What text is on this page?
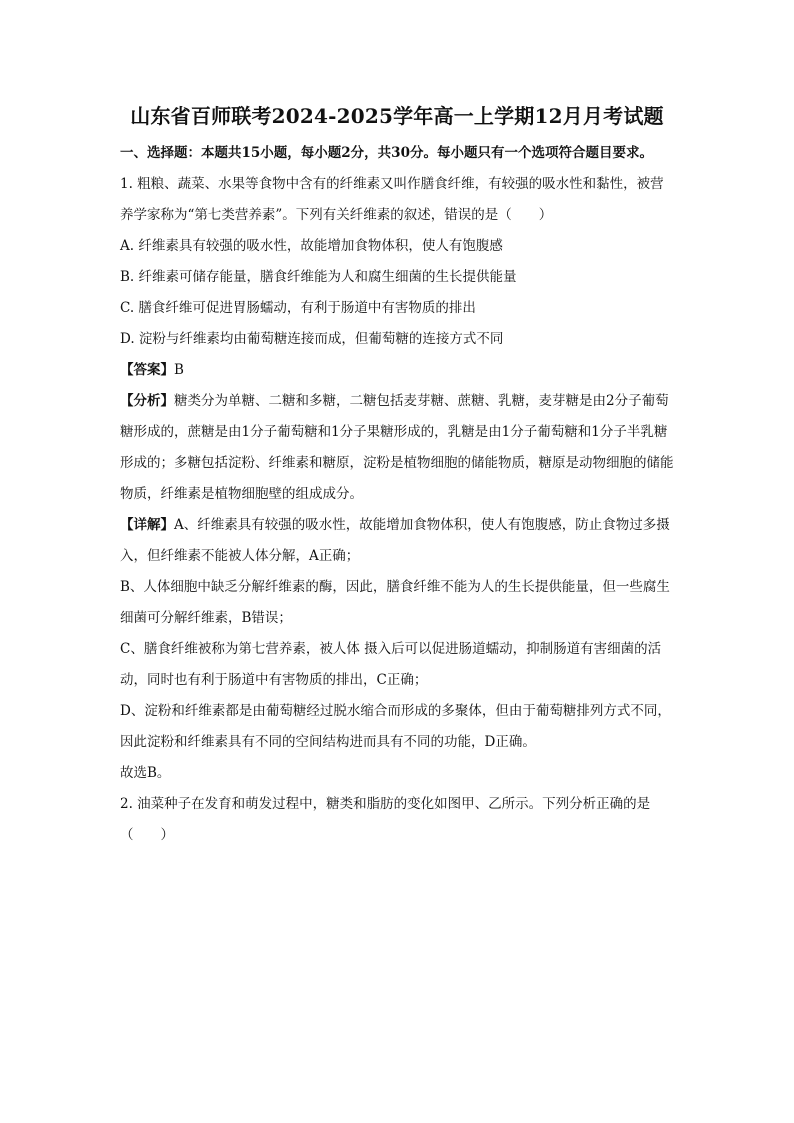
山东省百师联考2024-2025学年高一上学期12月月考试题

一、选择题：本题共15小题，每小题2分，共30分。每小题只有一个选项符合题目要求。

1. 粗粮、蔬菜、水果等食物中含有的纤维素又叫作膳食纤维，有较强的吸水性和黏性，被营养学家称为“第七类营养素”。下列有关纤维素的叙述，错误的是（　　）

A. 纤维素具有较强的吸水性，故能增加食物体积，使人有饱腹感

B. 纤维素可储存能量，膳食纤维能为人和腐生细菌的生长提供能量

C. 膳食纤维可促进胃肠蠕动，有利于肠道中有害物质的排出

D. 淀粉与纤维素均由葡萄糖连接而成，但葡萄糖的连接方式不同

【答案】B

【分析】糖类分为单糖、二糖和多糖，二糖包括麦芽糖、蔗糖、乳糖，麦芽糖是由2分子葡萄糖形成的，蔗糖是由1分子葡萄糖和1分子果糖形成的，乳糖是由1分子葡萄糖和1分子半乳糖形成的；多糖包括淀粉、纤维素和糖原，淀粉是植物细胞的储能物质，糖原是动物细胞的储能物质，纤维素是植物细胞壁的组成成分。

【详解】A、纤维素具有较强的吸水性，故能增加食物体积，使人有饱腹感，防止食物过多摄入，但纤维素不能被人体分解，A正确；

B、人体细胞中缺乏分解纤维素的酶，因此，膳食纤维不能为人的生长提供能量，但一些腐生细菌可分解纤维素，B错误；

C、膳食纤维被称为第七营养素，被人体 摄入后可以促进肠道蠕动，抑制肠道有害细菌的活动，同时也有利于肠道中有害物质的排出，C正确；

D、淀粉和纤维素都是由葡萄糖经过脱水缩合而形成的多聚体，但由于葡萄糖排列方式不同，因此淀粉和纤维素具有不同的空间结构进而具有不同的功能，D正确。

故选B。

2. 油菜种子在发育和萌发过程中，糖类和脂肪的变化如图甲、乙所示。下列分析正确的是（　　）
